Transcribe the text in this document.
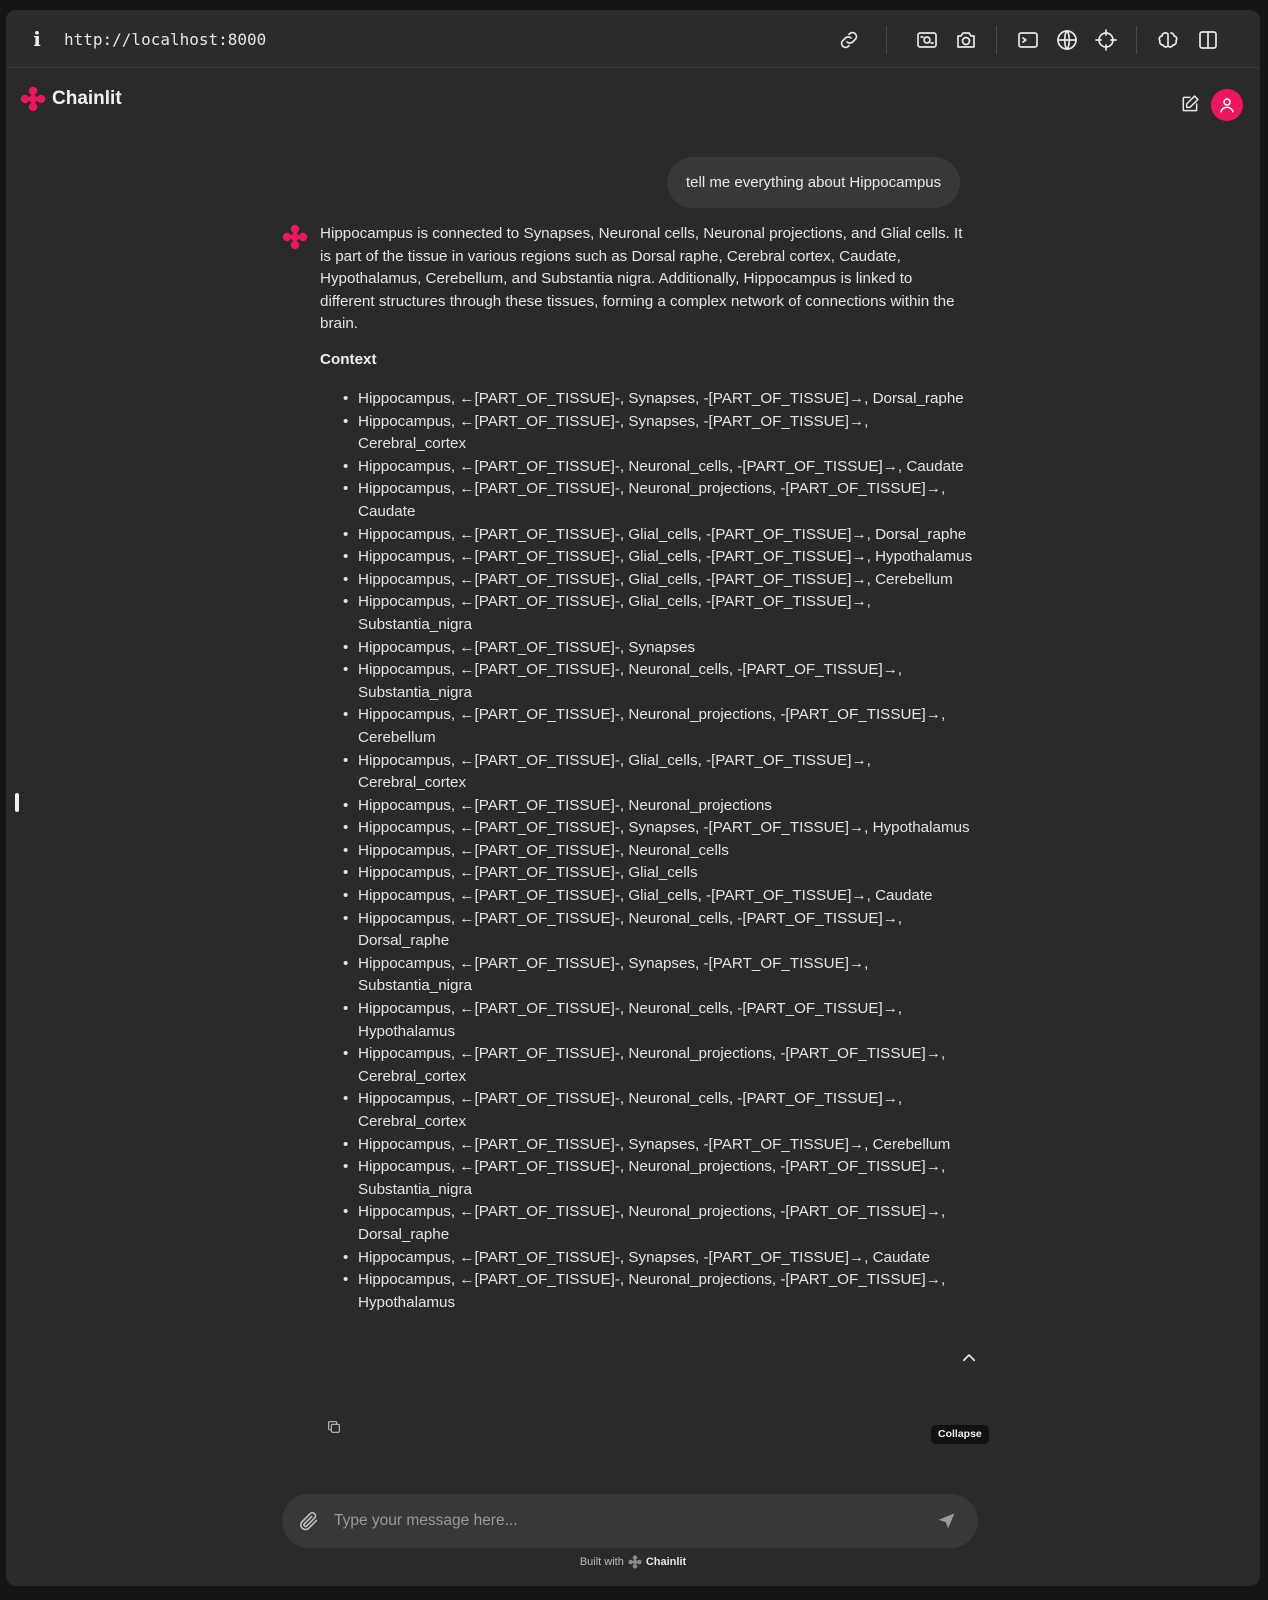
i	http://localhost:8000
Chainlit
tell me everything about Hippocampus

Hippocampus is connected to Synapses, Neuronal cells, Neuronal projections, and Glial cells. It is part of the tissue in various regions such as Dorsal raphe, Cerebral cortex, Caudate, Hypothalamus, Cerebellum, and Substantia nigra. Additionally, Hippocampus is linked to different structures through these tissues, forming a complex network of connections within the brain.

Context
• Hippocampus, ←[PART_OF_TISSUE]-, Synapses, -[PART_OF_TISSUE]→, Dorsal_raphe
• Hippocampus, ←[PART_OF_TISSUE]-, Synapses, -[PART_OF_TISSUE]→, Cerebral_cortex
• Hippocampus, ←[PART_OF_TISSUE]-, Neuronal_cells, -[PART_OF_TISSUE]→, Caudate
• Hippocampus, ←[PART_OF_TISSUE]-, Neuronal_projections, -[PART_OF_TISSUE]→, Caudate
• Hippocampus, ←[PART_OF_TISSUE]-, Glial_cells, -[PART_OF_TISSUE]→, Dorsal_raphe
• Hippocampus, ←[PART_OF_TISSUE]-, Glial_cells, -[PART_OF_TISSUE]→, Hypothalamus
• Hippocampus, ←[PART_OF_TISSUE]-, Glial_cells, -[PART_OF_TISSUE]→, Cerebellum
• Hippocampus, ←[PART_OF_TISSUE]-, Glial_cells, -[PART_OF_TISSUE]→, Substantia_nigra
• Hippocampus, ←[PART_OF_TISSUE]-, Synapses
• Hippocampus, ←[PART_OF_TISSUE]-, Neuronal_cells, -[PART_OF_TISSUE]→, Substantia_nigra
• Hippocampus, ←[PART_OF_TISSUE]-, Neuronal_projections, -[PART_OF_TISSUE]→, Cerebellum
• Hippocampus, ←[PART_OF_TISSUE]-, Glial_cells, -[PART_OF_TISSUE]→, Cerebral_cortex
• Hippocampus, ←[PART_OF_TISSUE]-, Neuronal_projections
• Hippocampus, ←[PART_OF_TISSUE]-, Synapses, -[PART_OF_TISSUE]→, Hypothalamus
• Hippocampus, ←[PART_OF_TISSUE]-, Neuronal_cells
• Hippocampus, ←[PART_OF_TISSUE]-, Glial_cells
• Hippocampus, ←[PART_OF_TISSUE]-, Glial_cells, -[PART_OF_TISSUE]→, Caudate
• Hippocampus, ←[PART_OF_TISSUE]-, Neuronal_cells, -[PART_OF_TISSUE]→, Dorsal_raphe
• Hippocampus, ←[PART_OF_TISSUE]-, Synapses, -[PART_OF_TISSUE]→, Substantia_nigra
• Hippocampus, ←[PART_OF_TISSUE]-, Neuronal_cells, -[PART_OF_TISSUE]→, Hypothalamus
• Hippocampus, ←[PART_OF_TISSUE]-, Neuronal_projections, -[PART_OF_TISSUE]→, Cerebral_cortex
• Hippocampus, ←[PART_OF_TISSUE]-, Neuronal_cells, -[PART_OF_TISSUE]→, Cerebral_cortex
• Hippocampus, ←[PART_OF_TISSUE]-, Synapses, -[PART_OF_TISSUE]→, Cerebellum
• Hippocampus, ←[PART_OF_TISSUE]-, Neuronal_projections, -[PART_OF_TISSUE]→, Substantia_nigra
• Hippocampus, ←[PART_OF_TISSUE]-, Neuronal_projections, -[PART_OF_TISSUE]→, Dorsal_raphe
• Hippocampus, ←[PART_OF_TISSUE]-, Synapses, -[PART_OF_TISSUE]→, Caudate
• Hippocampus, ←[PART_OF_TISSUE]-, Neuronal_projections, -[PART_OF_TISSUE]→, Hypothalamus
Collapse
Type your message here...
Built with Chainlit
